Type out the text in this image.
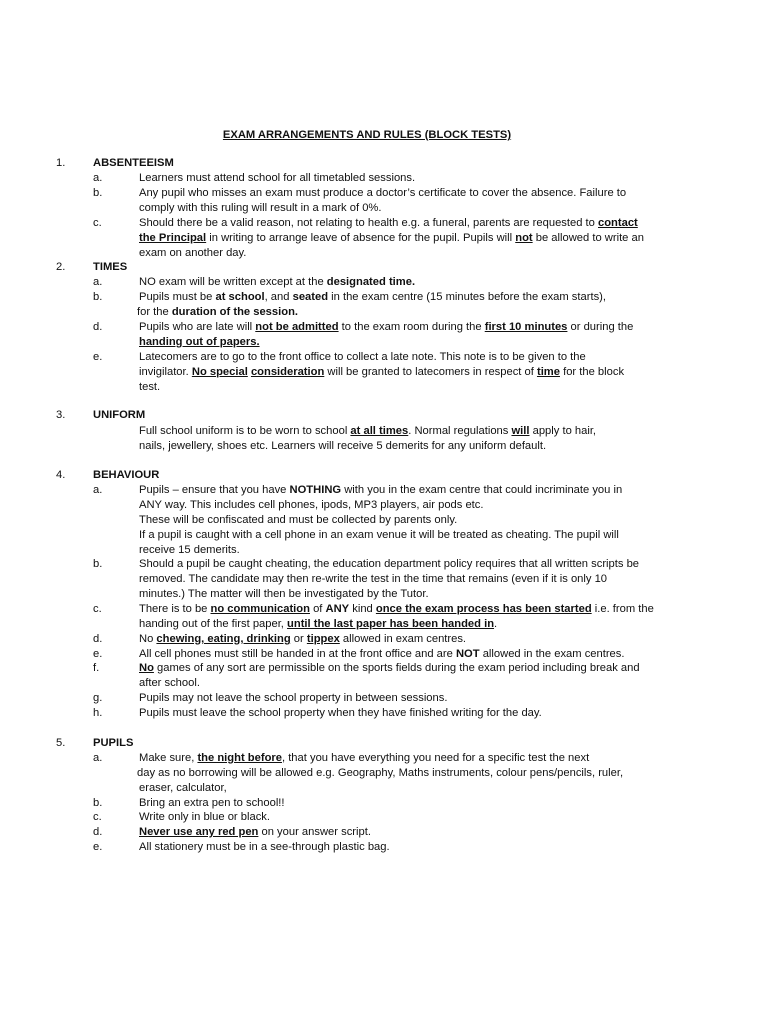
EXAM ARRANGEMENTS AND RULES (BLOCK TESTS)
1. ABSENTEEISM
a.	Learners must attend school for all timetabled sessions.
b.	Any pupil who misses an exam must produce a doctor’s certificate to cover the absence. Failure to
comply with this ruling will result in a mark of 0%.
c.	Should there be a valid reason, not relating to health e.g. a funeral, parents are requested to contact
the Principal in writing to arrange leave of absence for the pupil. Pupils will not be allowed to write an
exam on another day.
2. TIMES
a.	NO exam will be written except at the designated time.
b.	Pupils must be at school, and seated in the exam centre (15 minutes before the exam starts),
for the duration of the session.
d.	Pupils who are late will not be admitted to the exam room during the first 10 minutes or during the
handing out of papers.
e.	Latecomers are to go to the front office to collect a late note. This note is to be given to the
invigilator. No special consideration will be granted to latecomers in respect of time for the block
test.
3. UNIFORM
Full school uniform is to be worn to school at all times. Normal regulations will apply to hair,
nails, jewellery, shoes etc. Learners will receive 5 demerits for any uniform default.
4. BEHAVIOUR
a.	Pupils – ensure that you have NOTHING with you in the exam centre that could incriminate you in
ANY way. This includes cell phones, ipods, MP3 players, air pods etc.
These will be confiscated and must be collected by parents only.
If a pupil is caught with a cell phone in an exam venue it will be treated as cheating. The pupil will
receive 15 demerits.
b.	Should a pupil be caught cheating, the education department policy requires that all written scripts be
removed. The candidate may then re-write the test in the time that remains (even if it is only 10
minutes.) The matter will then be investigated by the Tutor.
c.	There is to be no communication of ANY kind once the exam process has been started i.e. from the
handing out of the first paper, until the last paper has been handed in.
d.	No chewing, eating, drinking or tippex allowed in exam centres.
e.	All cell phones must still be handed in at the front office and are NOT allowed in the exam centres.
f.	No games of any sort are permissible on the sports fields during the exam period including break and
after school.
g.	Pupils may not leave the school property in between sessions.
h.	Pupils must leave the school property when they have finished writing for the day.
5. PUPILS
a.	Make sure, the night before, that you have everything you need for a specific test the next
day as no borrowing will be allowed e.g. Geography, Maths instruments, colour pens/pencils, ruler,
eraser, calculator,
b.	Bring an extra pen to school!!
c.	Write only in blue or black.
d.	Never use any red pen on your answer script.
e.	All stationery must be in a see-through plastic bag.
